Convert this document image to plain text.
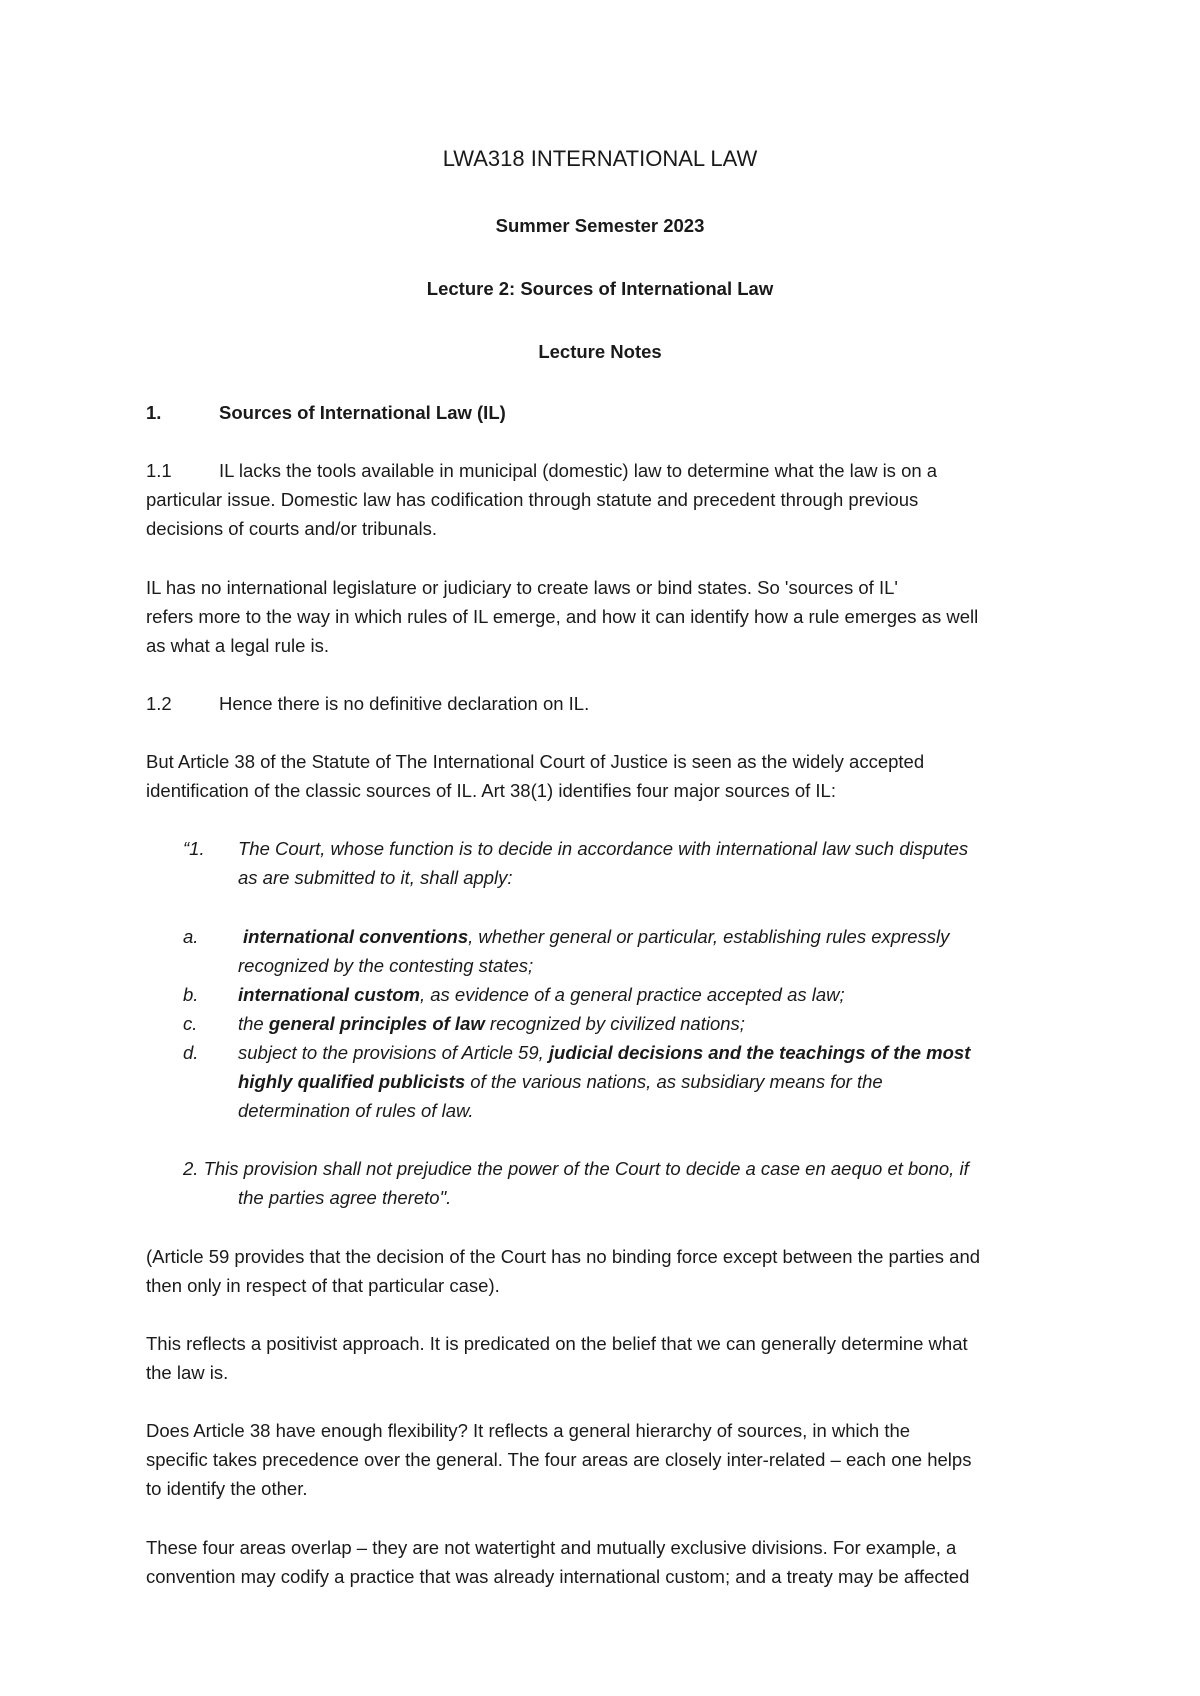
LWA318 INTERNATIONAL LAW
Summer Semester 2023
Lecture 2: Sources of International Law
Lecture Notes
1.	Sources of International Law (IL)
1.1	IL lacks the tools available in municipal (domestic) law to determine what the law is on a
particular issue. Domestic law has codification through statute and precedent through previous
decisions of courts and/or tribunals.
IL has no international legislature or judiciary to create laws or bind states. So 'sources of IL'
refers more to the way in which rules of IL emerge, and how it can identify how a rule emerges as well
as what a legal rule is.
1.2	Hence there is no definitive declaration on IL.
But Article 38 of the Statute of The International Court of Justice is seen as the widely accepted
identification of the classic sources of IL. Art 38(1) identifies four major sources of IL:
“1. The Court, whose function is to decide in accordance with international law such disputes
as are submitted to it, shall apply:
a. international conventions, whether general or particular, establishing rules expressly
recognized by the contesting states;
b. international custom, as evidence of a general practice accepted as law;
c. the general principles of law recognized by civilized nations;
d. subject to the provisions of Article 59, judicial decisions and the teachings of the most
highly qualified publicists of the various nations, as subsidiary means for the
determination of rules of law.
2. This provision shall not prejudice the power of the Court to decide a case en aequo et bono, if
the parties agree thereto".
(Article 59 provides that the decision of the Court has no binding force except between the parties and
then only in respect of that particular case).
This reflects a positivist approach. It is predicated on the belief that we can generally determine what
the law is.
Does Article 38 have enough flexibility? It reflects a general hierarchy of sources, in which the
specific takes precedence over the general. The four areas are closely inter-related – each one helps
to identify the other.
These four areas overlap – they are not watertight and mutually exclusive divisions. For example, a
convention may codify a practice that was already international custom; and a treaty may be affected
